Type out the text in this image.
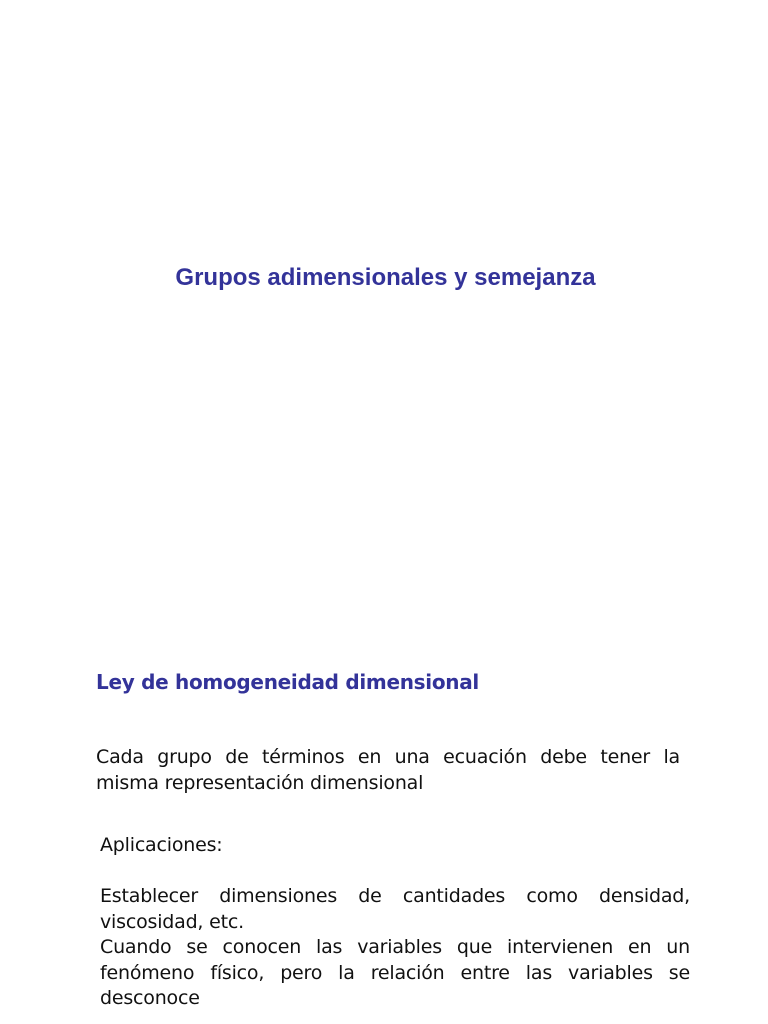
Grupos adimensionales y semejanza
Ley de homogeneidad dimensional

Cada grupo de términos en una ecuación debe tener la misma representación dimensional

Aplicaciones:

Establecer dimensiones de cantidades como densidad, viscosidad, etc.

Cuando se conocen las variables que intervienen en un fenómeno físico, pero la relación entre las variables se desconoce
